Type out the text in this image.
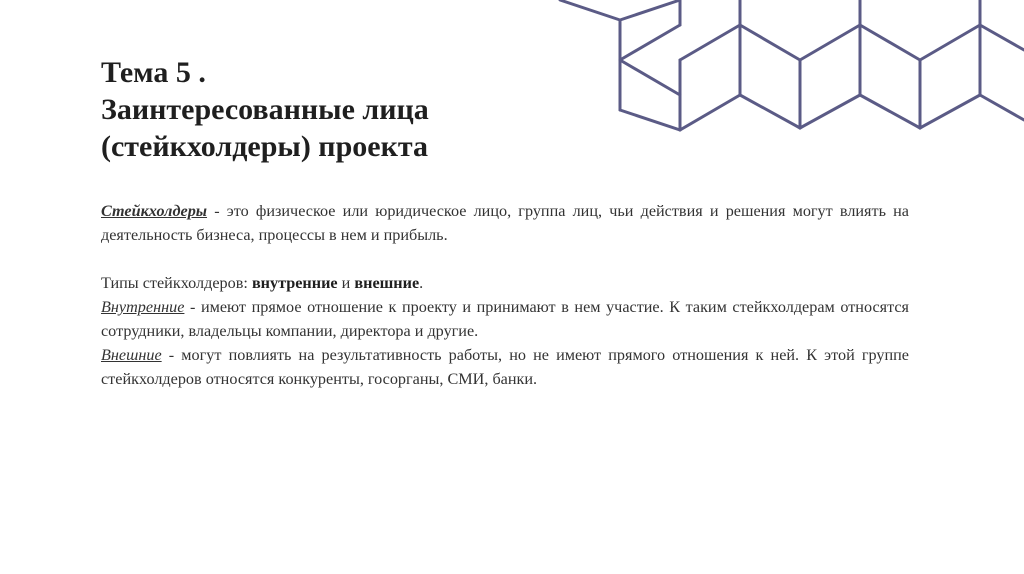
Тема 5 .
Заинтересованные лица
(стейкхолдеры) проекта

Стейкхолдеры - это физическое или юридическое лицо, группа лиц, чьи действия и решения могут влиять на деятельность бизнеса, процессы в нем и прибыль.

Типы стейкхолдеров: внутренние и внешние.

Внутренние - имеют прямое отношение к проекту и принимают в нем участие. К таким стейкхолдерам относятся сотрудники, владельцы компании, директора и другие.

Внешние - могут повлиять на результативность работы, но не имеют прямого отношения к ней. К этой группе стейкхолдеров относятся конкуренты, госорганы, СМИ, банки.
